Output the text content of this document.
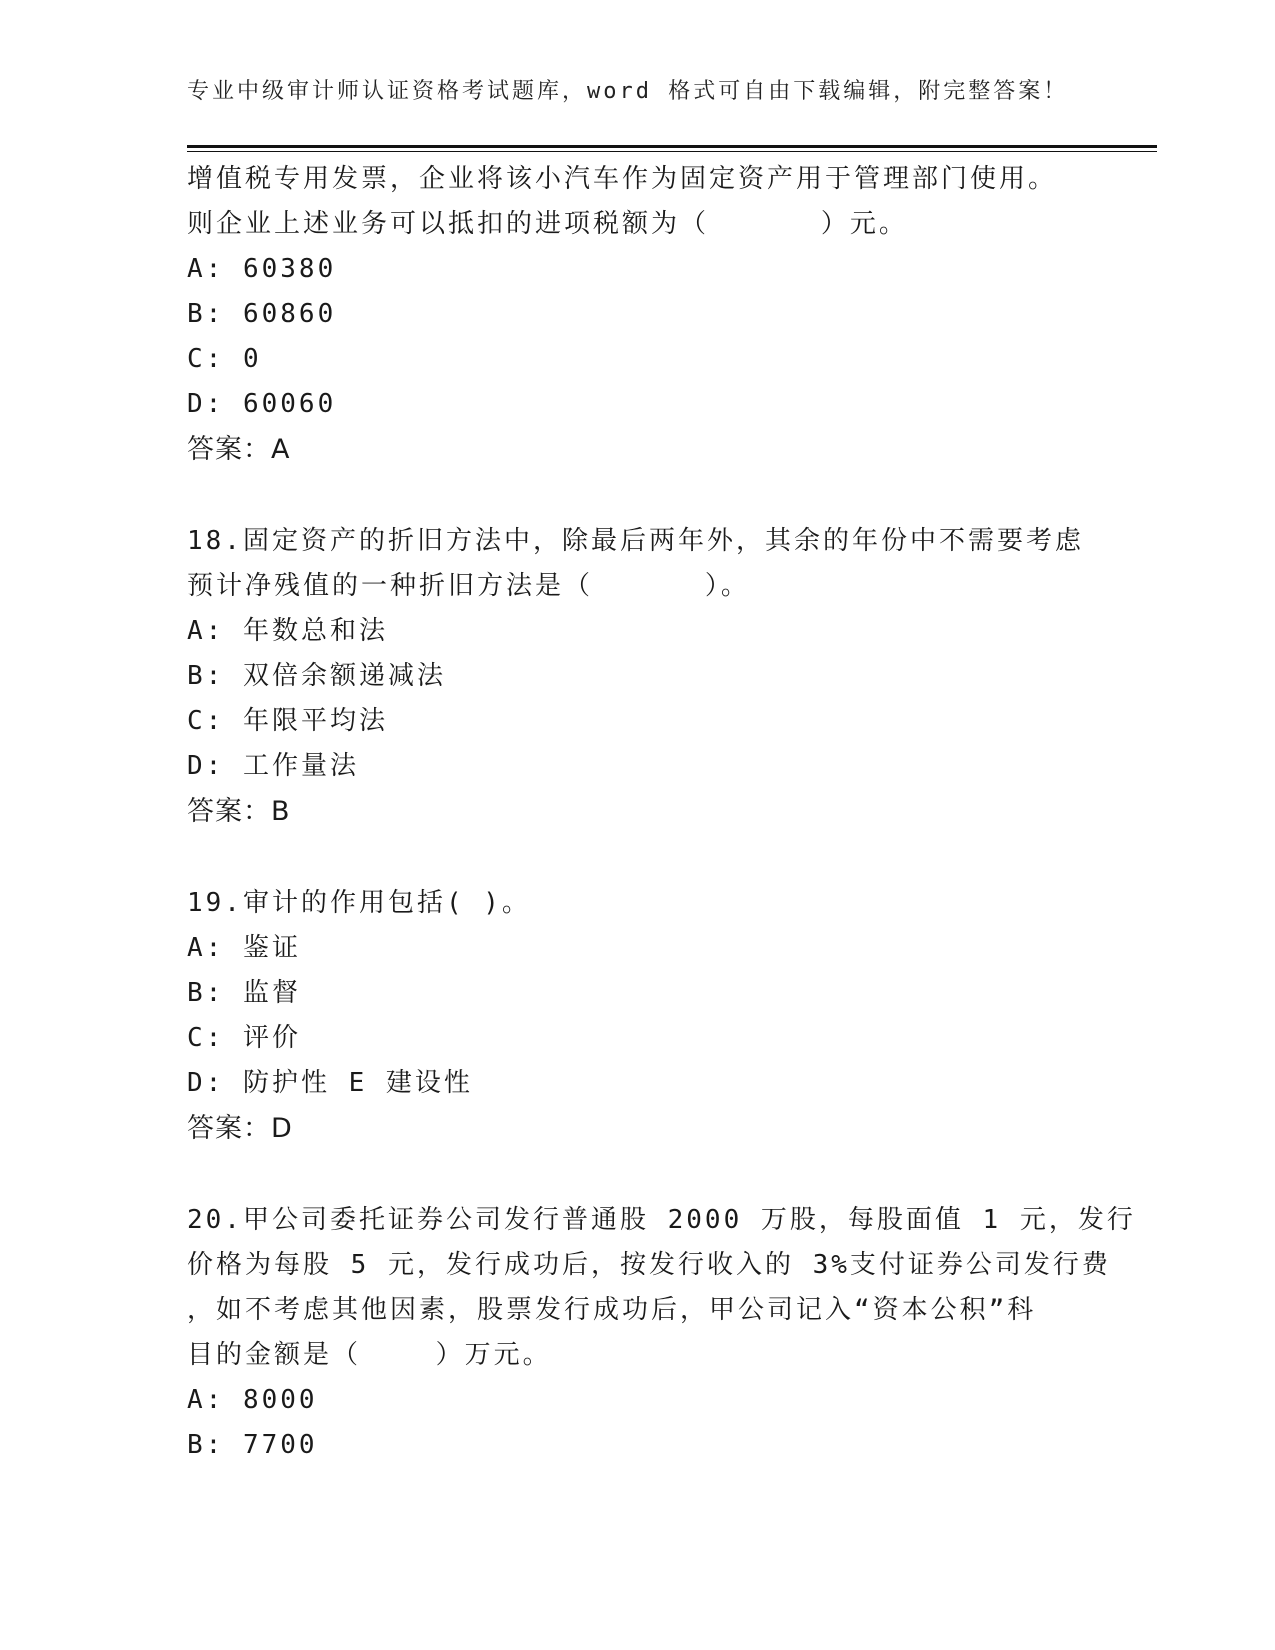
专业中级审计师认证资格考试题库，word 格式可自由下载编辑，附完整答案！
增值税专用发票，企业将该小汽车作为固定资产用于管理部门使用。
则企业上述业务可以抵扣的进项税额为（      ）元。
A: 60380
B: 60860
C: 0
D: 60060
答案：A
18.固定资产的折旧方法中，除最后两年外，其余的年份中不需要考虑
预计净残值的一种折旧方法是（      ）。
A: 年数总和法
B: 双倍余额递减法
C: 年限平均法
D: 工作量法
答案：B
19.审计的作用包括( )。
A: 鉴证
B: 监督
C: 评价
D: 防护性 E 建设性
答案：D
20.甲公司委托证券公司发行普通股 2000 万股，每股面值 1 元，发行
价格为每股 5 元，发行成功后，按发行收入的 3%支付证券公司发行费
，如不考虑其他因素，股票发行成功后，甲公司记入“资本公积”科
目的金额是（    ）万元。
A: 8000
B: 7700
